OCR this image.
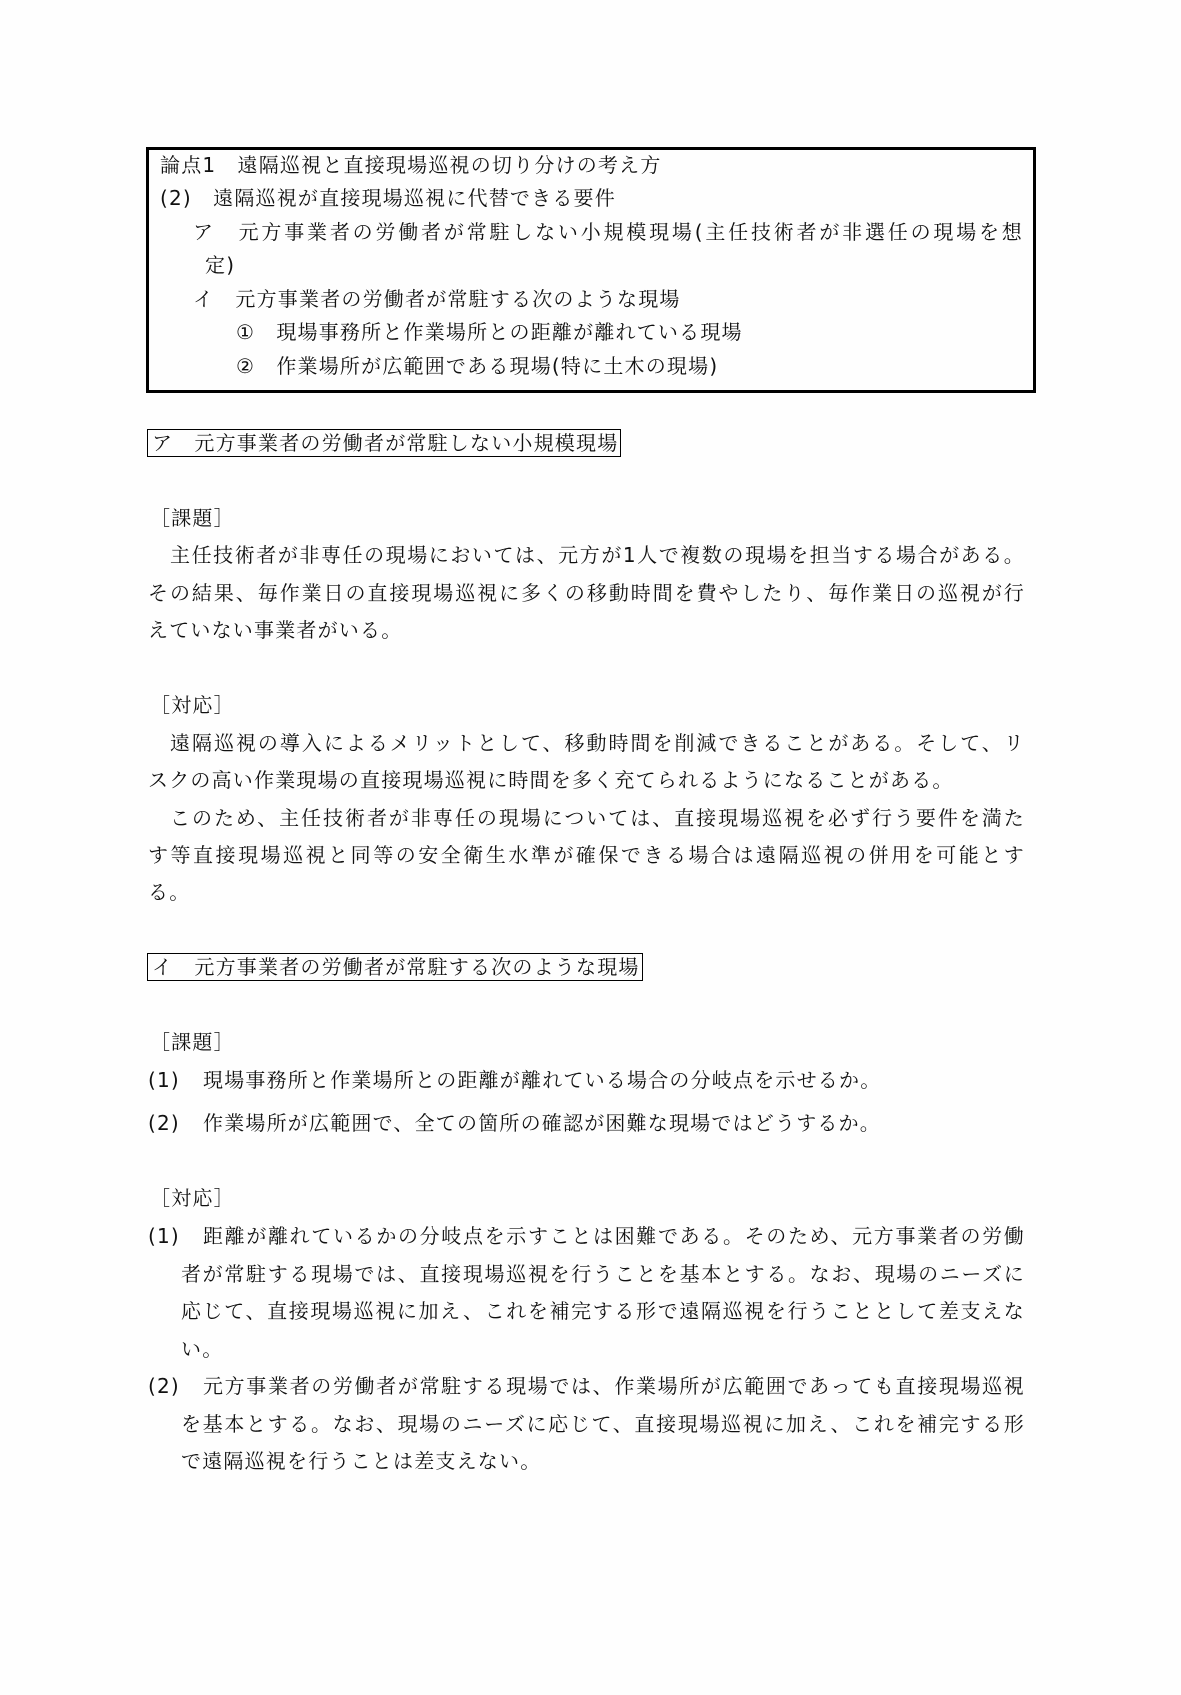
論点1　遠隔巡視と直接現場巡視の切り分けの考え方
(2)　遠隔巡視が直接現場巡視に代替できる要件
ア　元方事業者の労働者が常駐しない小規模現場(主任技術者が非選任の現場を想
定)
イ　元方事業者の労働者が常駐する次のような現場
①　現場事務所と作業場所との距離が離れている現場
②　作業場所が広範囲である現場(特に土木の現場)
ア　元方事業者の労働者が常駐しない小規模現場
［課題］
主任技術者が非専任の現場においては、元方が1人で複数の現場を担当する場合がある。
その結果、毎作業日の直接現場巡視に多くの移動時間を費やしたり、毎作業日の巡視が行
えていない事業者がいる。
［対応］
遠隔巡視の導入によるメリットとして、移動時間を削減できることがある。そして、リ
スクの高い作業現場の直接現場巡視に時間を多く充てられるようになることがある。
このため、主任技術者が非専任の現場については、直接現場巡視を必ず行う要件を満た
す等直接現場巡視と同等の安全衛生水準が確保できる場合は遠隔巡視の併用を可能とす
る。
イ　元方事業者の労働者が常駐する次のような現場
［課題］
(1) 現場事務所と作業場所との距離が離れている場合の分岐点を示せるか。
(2) 作業場所が広範囲で、全ての箇所の確認が困難な現場ではどうするか。
［対応］
(1) 距離が離れているかの分岐点を示すことは困難である。そのため、元方事業者の労働
者が常駐する現場では、直接現場巡視を行うことを基本とする。なお、現場のニーズに
応じて、直接現場巡視に加え、これを補完する形で遠隔巡視を行うこととして差支えな
い。
(2) 元方事業者の労働者が常駐する現場では、作業場所が広範囲であっても直接現場巡視
を基本とする。なお、現場のニーズに応じて、直接現場巡視に加え、これを補完する形
で遠隔巡視を行うことは差支えない。
